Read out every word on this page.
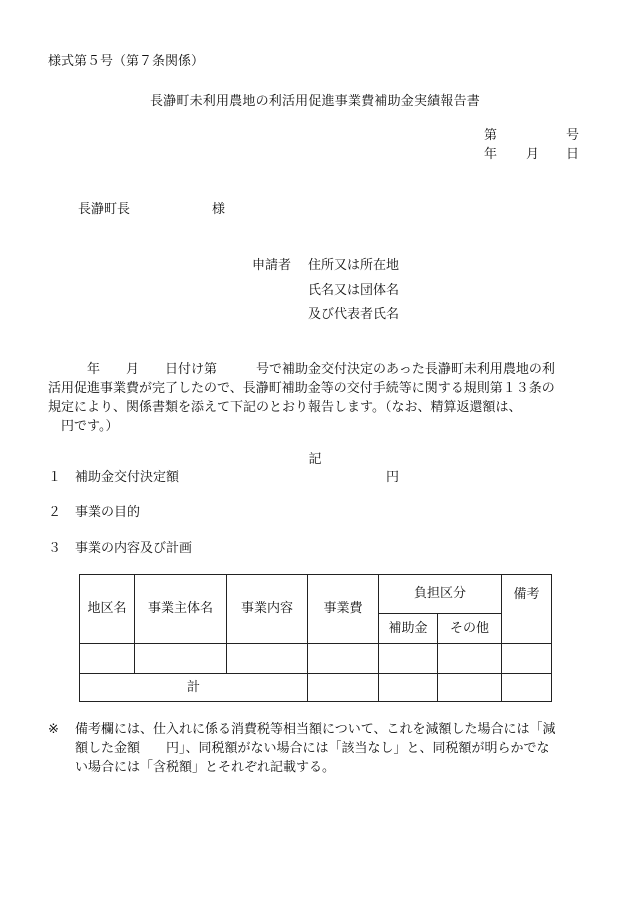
様式第５号（第７条関係）
長瀞町未利用農地の利活用促進事業費補助金実績報告書
第	号
年 月 日
長瀞町長	様
申請者 住所又は所在地
氏名又は団体名
及び代表者氏名
　　　年　　月　　日付け第　　　号で補助金交付決定のあった長瀞町未利用農地の利
活用促進事業費が完了したので、長瀞町補助金等の交付手続等に関する規則第１３条の
規定により、関係書類を添えて下記のとおり報告します。（なお、精算返還額は、
　円です。）
記
１ 補助金交付決定額	円
２ 事業の目的
３ 事業の内容及び計画
地区名	事業主体名	事業内容	事業費	負担区分		備考
				補助金	その他	

計						
※ 備考欄には、仕入れに係る消費税等相当額について、これを減額した場合には「減
額した金額　　円」、同税額がない場合には「該当なし」と、同税額が明らかでな
い場合には「含税額」とそれぞれ記載する。
